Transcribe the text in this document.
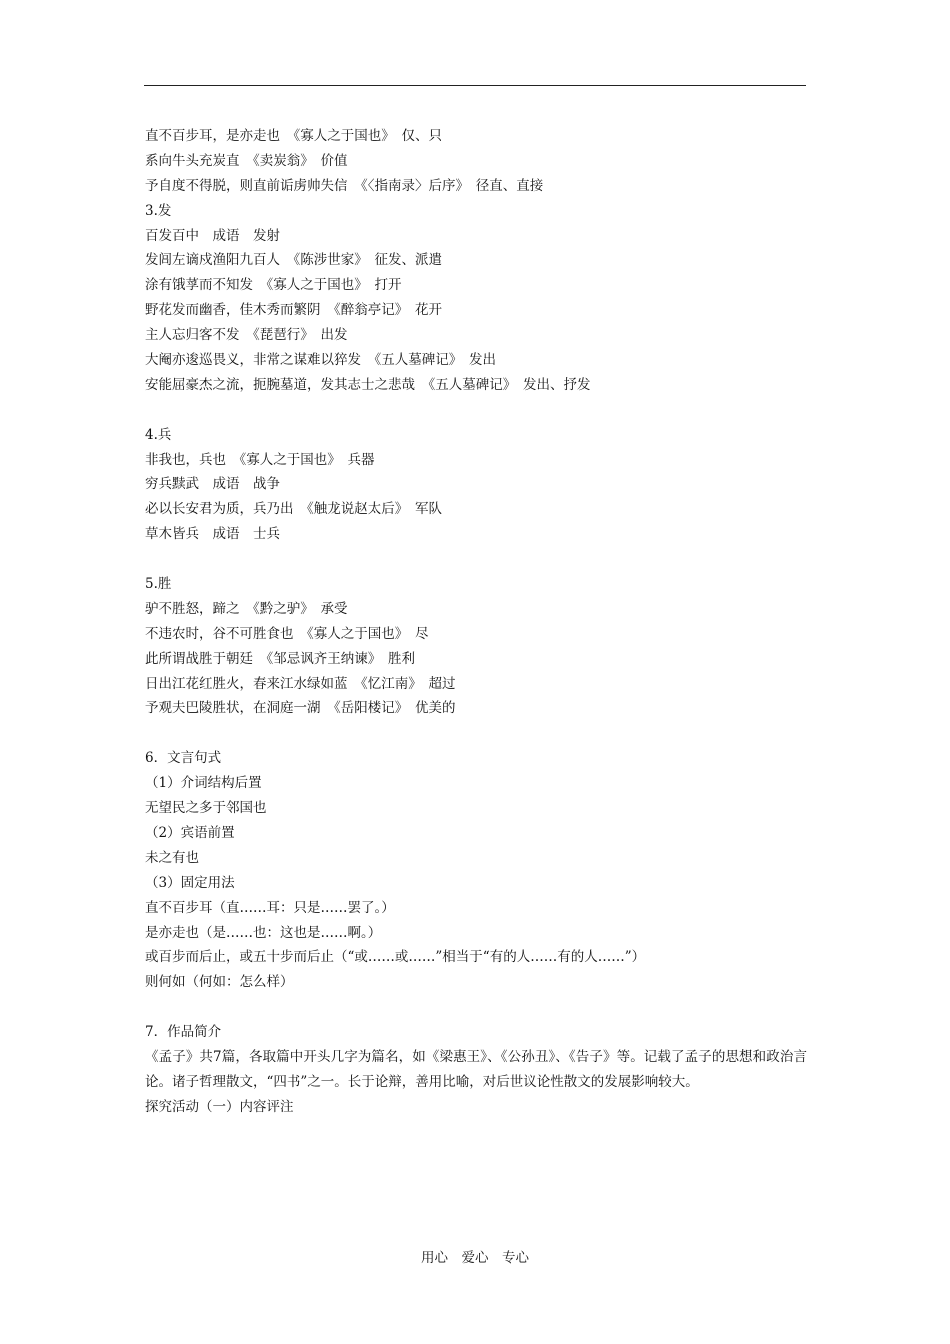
直不百步耳，是亦走也　《寡人之于国也》　仅、只
系向牛头充炭直　《卖炭翁》　价值
予自度不得脱，则直前诟虏帅失信　《〈指南录〉后序》　径直、直接
3.发
百发百中　成语　发射
发闾左谪戍渔阳九百人　《陈涉世家》　征发、派遣
涂有饿莩而不知发　《寡人之于国也》　打开
野花发而幽香，佳木秀而繁阴　《醉翁亭记》　花开
主人忘归客不发　《琵琶行》　出发
大阉亦逡巡畏义，非常之谋难以猝发　《五人墓碑记》　发出
安能屈豪杰之流，扼腕墓道，发其志士之悲哉　《五人墓碑记》　发出、抒发
4.兵
非我也，兵也　《寡人之于国也》　兵器
穷兵黩武　成语　战争
必以长安君为质，兵乃出　《触龙说赵太后》　军队
草木皆兵　成语　士兵
5.胜
驴不胜怒，蹄之　《黔之驴》　承受
不违农时，谷不可胜食也　《寡人之于国也》　尽
此所谓战胜于朝廷　《邹忌讽齐王纳谏》　胜利
日出江花红胜火，春来江水绿如蓝　《忆江南》　超过
予观夫巴陵胜状，在洞庭一湖　《岳阳楼记》　优美的
6．文言句式
（1）介词结构后置
无望民之多于邻国也
（2）宾语前置
未之有也
（3）固定用法
直不百步耳（直……耳：只是……罢了。）
是亦走也（是……也：这也是……啊。）
或百步而后止，或五十步而后止（“或……或……”相当于“有的人……有的人……”）
则何如（何如：怎么样）
7．作品简介
《孟子》共7篇，各取篇中开头几字为篇名，如《梁惠王》、《公孙丑》、《告子》等。记载了孟子的思想和政治言论。诸子哲理散文，“四书”之一。长于论辩，善用比喻，对后世议论性散文的发展影响较大。
探究活动（一）内容评注
用心　爱心　专心
